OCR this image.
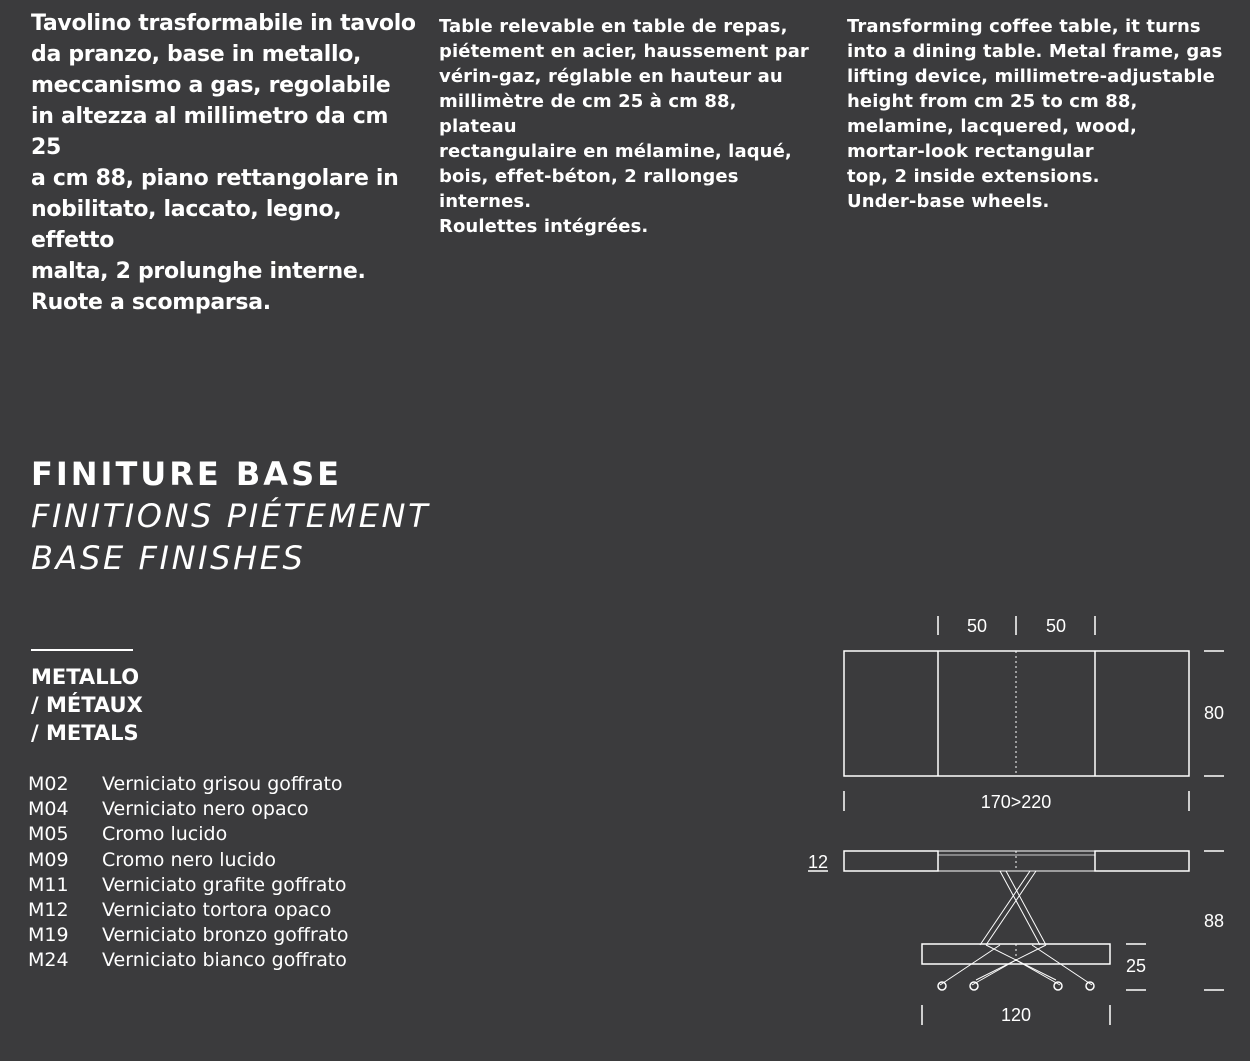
Tavolino trasformabile in tavolo
da pranzo, base in metallo,
meccanismo a gas, regolabile
in altezza al millimetro da cm 25
a cm 88, piano rettangolare in
nobilitato, laccato, legno, effetto
malta, 2 prolunghe interne.
Ruote a scomparsa.
Table relevable en table de repas,
piétement en acier, haussement par
vérin-gaz, réglable en hauteur au
millimètre de cm 25 à cm 88, plateau
rectangulaire en mélamine, laqué,
bois, effet-béton, 2 rallonges internes.
Roulettes intégrées.
Transforming coffee table, it turns
into a dining table. Metal frame, gas
lifting device, millimetre-adjustable
height from cm 25 to cm 88,
melamine, lacquered, wood,
mortar-look rectangular
top, 2 inside extensions.
Under-base wheels.
FINITURE BASE
FINITIONS PIÉTEMENT
BASE FINISHES
METALLO
/ MÉTAUX
/ METALS
M02 Verniciato grisou goffrato
M04 Verniciato nero opaco
M05 Cromo lucido
M09 Cromo nero lucido
M11 Verniciato grafite goffrato
M12 Verniciato tortora opaco
M19 Verniciato bronzo goffrato
M24 Verniciato bianco goffrato
50	50
80
170>220
12
88
25
120
